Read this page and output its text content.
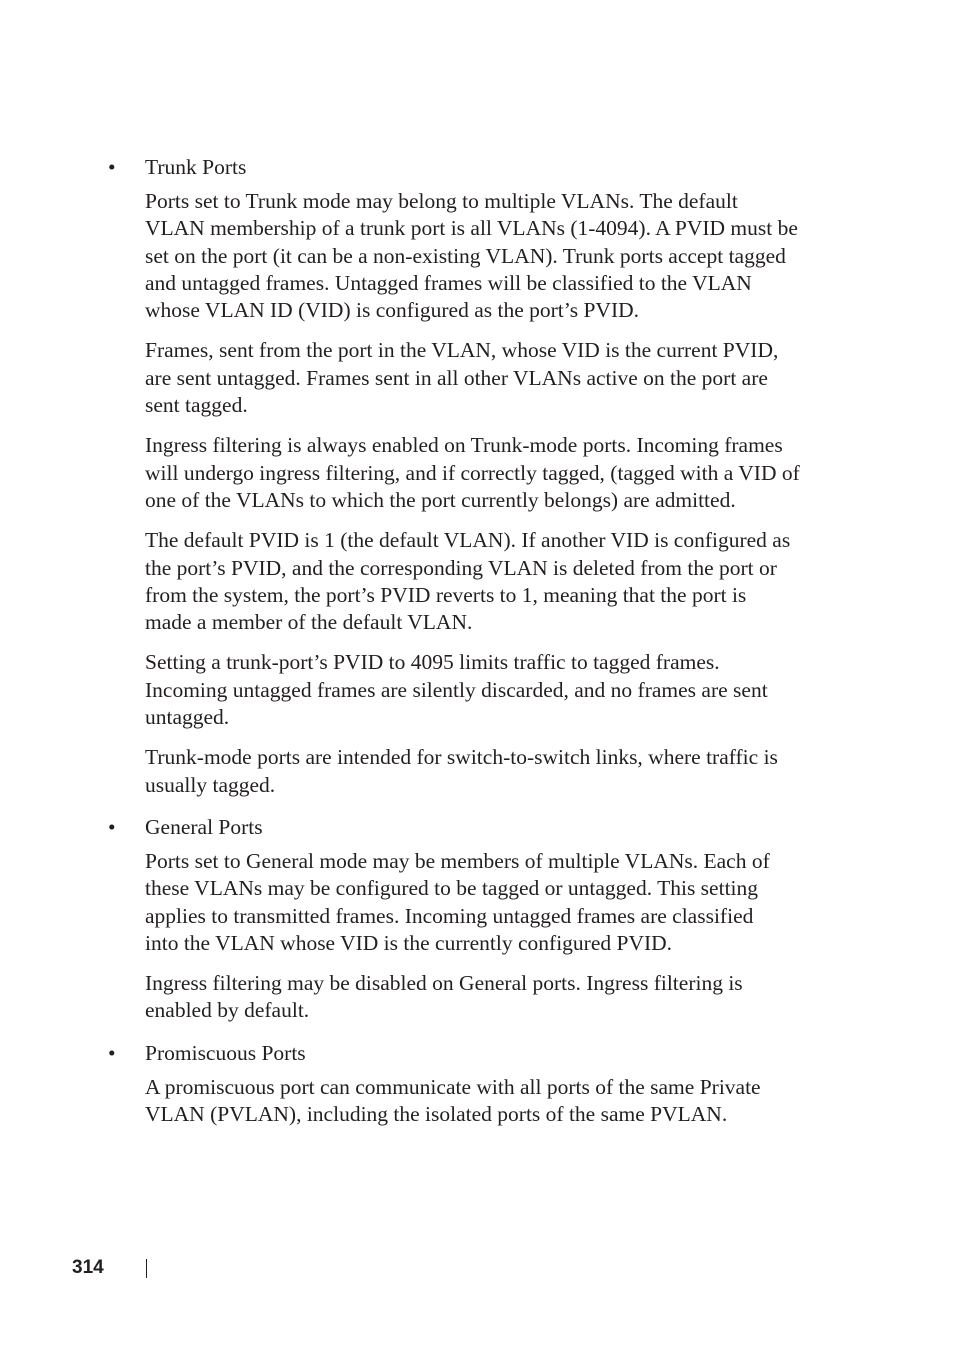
• Trunk Ports

Ports set to Trunk mode may belong to multiple VLANs. The default
VLAN membership of a trunk port is all VLANs (1-4094). A PVID must be
set on the port (it can be a non-existing VLAN). Trunk ports accept tagged
and untagged frames. Untagged frames will be classified to the VLAN
whose VLAN ID (VID) is configured as the port’s PVID.

Frames, sent from the port in the VLAN, whose VID is the current PVID,
are sent untagged. Frames sent in all other VLANs active on the port are
sent tagged.

Ingress filtering is always enabled on Trunk-mode ports. Incoming frames
will undergo ingress filtering, and if correctly tagged, (tagged with a VID of
one of the VLANs to which the port currently belongs) are admitted.

The default PVID is 1 (the default VLAN). If another VID is configured as
the port’s PVID, and the corresponding VLAN is deleted from the port or
from the system, the port’s PVID reverts to 1, meaning that the port is
made a member of the default VLAN.

Setting a trunk-port’s PVID to 4095 limits traffic to tagged frames.
Incoming untagged frames are silently discarded, and no frames are sent
untagged.

Trunk-mode ports are intended for switch-to-switch links, where traffic is
usually tagged.

• General Ports

Ports set to General mode may be members of multiple VLANs. Each of
these VLANs may be configured to be tagged or untagged. This setting
applies to transmitted frames. Incoming untagged frames are classified
into the VLAN whose VID is the currently configured PVID.

Ingress filtering may be disabled on General ports. Ingress filtering is
enabled by default.

• Promiscuous Ports

A promiscuous port can communicate with all ports of the same Private
VLAN (PVLAN), including the isolated ports of the same PVLAN.

314
